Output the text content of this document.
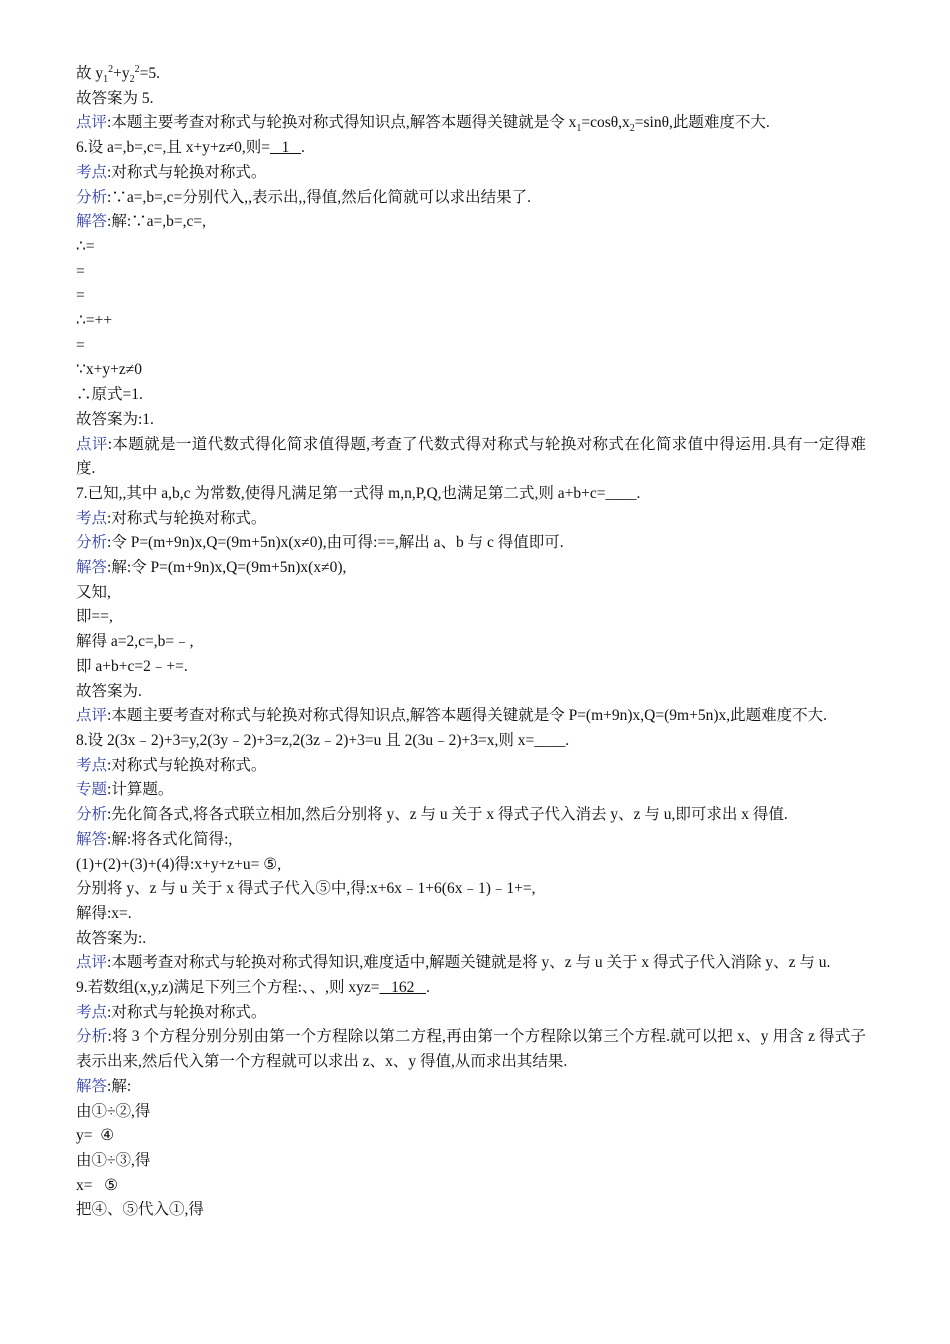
故 $y_1^2+y_2^2=5$.
故答案为 5.
点评:本题主要考查对称式与轮换对称式得知识点,解答本题得关键就是令 $x_1=\cos\theta,x_2=\sin\theta$,此题难度不大.
6.设 a=,b=,c=,且 x+y+z≠0,则=   1   .
考点:对称式与轮换对称式。
分析:∵a=,b=,c=分别代入,,表示出,,得值,然后化简就可以求出结果了.
解答:解:∵a=,b=,c=,
∴=
=
=
∴=++
=
∵x+y+z≠0
∴原式=1.
故答案为:1.
点评:本题就是一道代数式得化简求值得题,考查了代数式得对称式与轮换对称式在化简求值中得运用.具有一定得难度.
7.已知,,其中 a,b,c 为常数,使得凡满足第一式得 m,n,P,Q,也满足第二式,则 a+b+c=____.
考点:对称式与轮换对称式。
分析:令 P=(m+9n)x,Q=(9m+5n)x(x≠0),由可得:==,解出 a、b 与 c 得值即可.
解答:解:令 P=(m+9n)x,Q=(9m+5n)x(x≠0),
又知,
即==,
解得 a=2,c=,b=﹣,
即 a+b+c=2﹣+=.
故答案为.
点评:本题主要考查对称式与轮换对称式得知识点,解答本题得关键就是令 P=(m+9n)x,Q=(9m+5n)x,此题难度不大.
8.设 2(3x﹣2)+3=y,2(3y﹣2)+3=z,2(3z﹣2)+3=u 且 2(3u﹣2)+3=x,则 x=____.
考点:对称式与轮换对称式。
专题:计算题。
分析:先化简各式,将各式联立相加,然后分别将 y、z 与 u 关于 x 得式子代入消去 y、z 与 u,即可求出 x 得值.
解答:解:将各式化简得:,
(1)+(2)+(3)+(4)得:x+y+z+u= ⑤,
分别将 y、z 与 u 关于 x 得式子代入⑤中,得:x+6x﹣1+6(6x﹣1)﹣1+=,
解得:x=.
故答案为:.
点评:本题考查对称式与轮换对称式得知识,难度适中,解题关键就是将 y、z 与 u 关于 x 得式子代入消除 y、z 与 u.
9.若数组(x,y,z)满足下列三个方程:、、,则 xyz=   162   .
考点:对称式与轮换对称式。
分析:将 3 个方程分别分别由第一个方程除以第二方程,再由第一个方程除以第三个方程.就可以把 x、y 用含 z 得式子表示出来,然后代入第一个方程就可以求出 z、x、y 得值,从而求出其结果.
解答:解:
由①÷②,得
y=  ④
由①÷③,得
x=   ⑤
把④、⑤代入①,得
